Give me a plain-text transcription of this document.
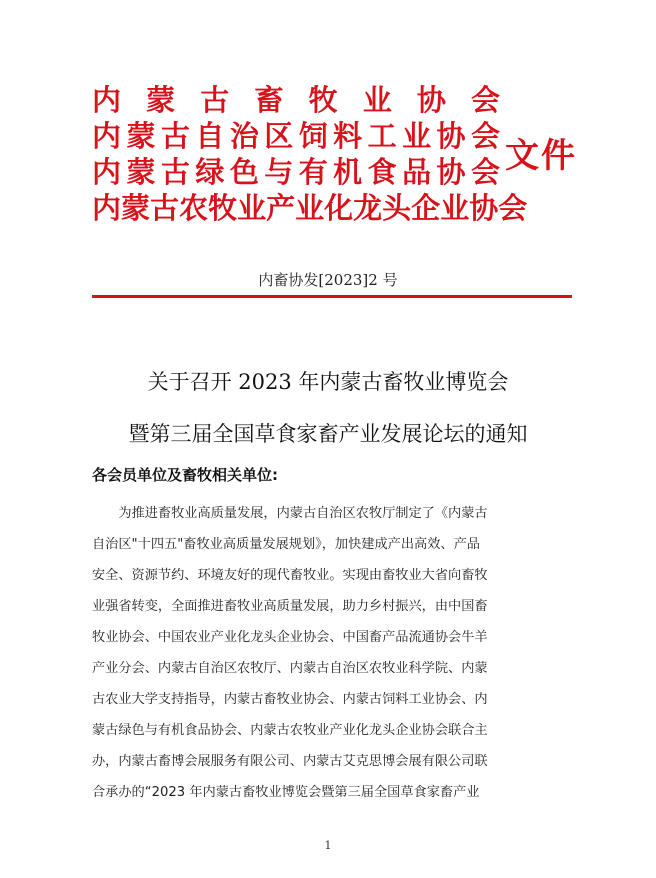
内 蒙 古 畜 牧 业 协 会
内 蒙 古 自 治 区 饲 料 工 业 协 会
内 蒙 古 绿 色 与 有 机 食 品 协 会
内 蒙 古 农 牧 业 产 业 化 龙 头 企 业 协 会
文件
内畜协发[2023]2 号
关于召开 2023 年内蒙古畜牧业博览会
暨第三届全国草食家畜产业发展论坛的通知
各会员单位及畜牧相关单位:
　　为推进畜牧业高质量发展，内蒙古自治区农牧厅制定了《内蒙古
自治区"十四五"畜牧业高质量发展规划》，加快建成产出高效、产品
安全、资源节约、环境友好的现代畜牧业。实现由畜牧业大省向畜牧
业强省转变，全面推进畜牧业高质量发展，助力乡村振兴，由中国畜
牧业协会、中国农业产业化龙头企业协会、中国畜产品流通协会牛羊
产业分会、内蒙古自治区农牧厅、内蒙古自治区农牧业科学院、内蒙
古农业大学支持指导，内蒙古畜牧业协会、内蒙古饲料工业协会、内
蒙古绿色与有机食品协会、内蒙古农牧业产业化龙头企业协会联合主
办，内蒙古畜博会展服务有限公司、内蒙古艾克思博会展有限公司联
合承办的“2023 年内蒙古畜牧业博览会暨第三届全国草食家畜产业
1
